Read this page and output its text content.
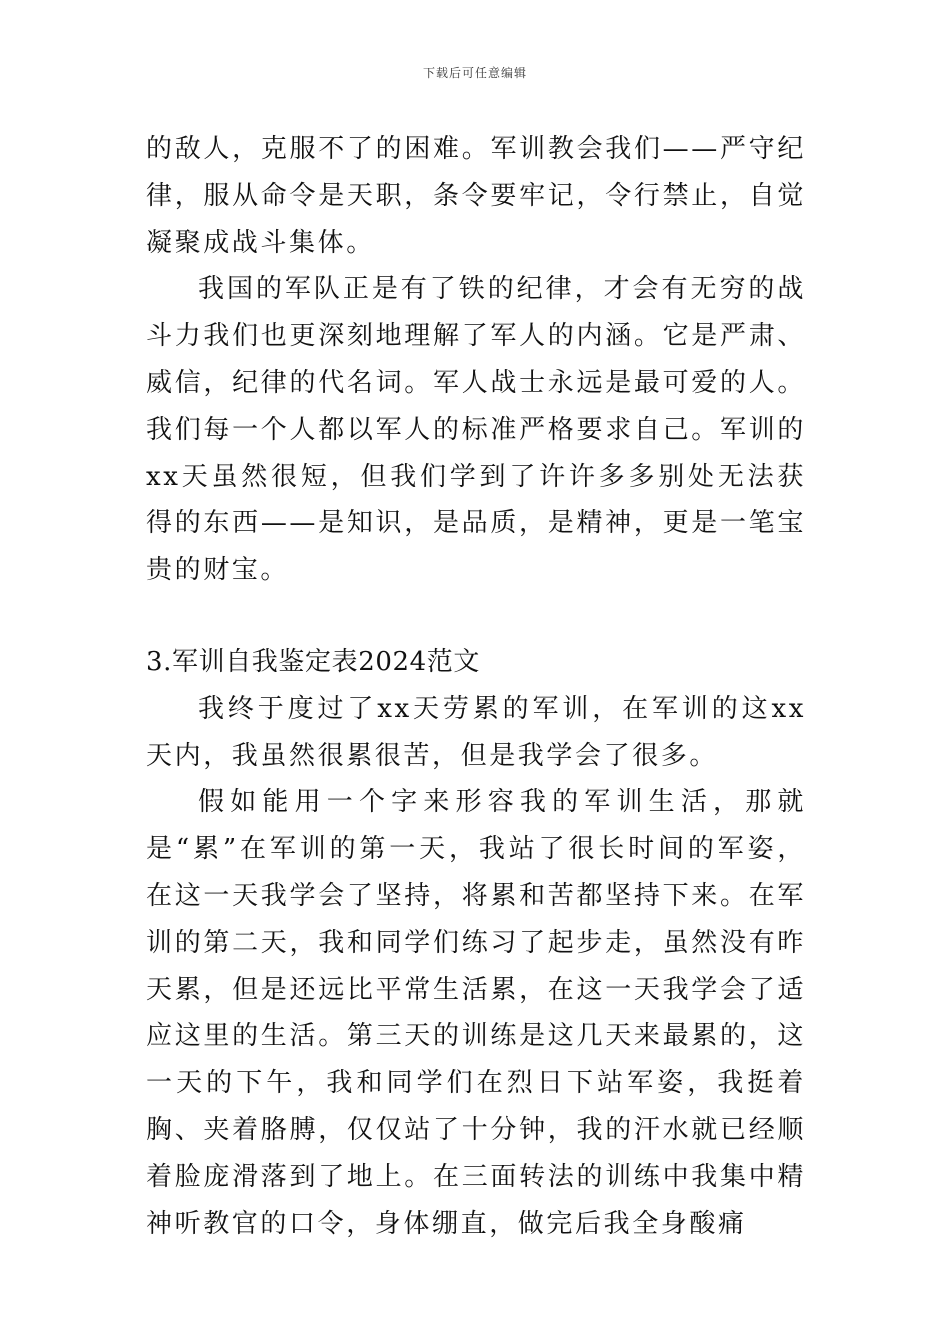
下载后可任意编辑

的敌人，克服不了的困难。军训教会我们——严守纪律，服从命令是天职，条令要牢记，令行禁止，自觉凝聚成战斗集体。

我国的军队正是有了铁的纪律，才会有无穷的战斗力我们也更深刻地理解了军人的内涵。它是严肃、威信，纪律的代名词。军人战士永远是最可爱的人。我们每一个人都以军人的标准严格要求自己。军训的xx天虽然很短，但我们学到了许许多多别处无法获得的东西——是知识，是品质，是精神，更是一笔宝贵的财宝。

3.军训自我鉴定表2024范文

我终于度过了xx天劳累的军训，在军训的这xx天内，我虽然很累很苦，但是我学会了很多。

假如能用一个字来形容我的军训生活，那就是“累”在军训的第一天，我站了很长时间的军姿，在这一天我学会了坚持，将累和苦都坚持下来。在军训的第二天，我和同学们练习了起步走，虽然没有昨天累，但是还远比平常生活累，在这一天我学会了适应这里的生活。第三天的训练是这几天来最累的，这一天的下午，我和同学们在烈日下站军姿，我挺着胸、夹着胳膊，仅仅站了十分钟，我的汗水就已经顺着脸庞滑落到了地上。在三面转法的训练中我集中精神听教官的口令，身体绷直，做完后我全身酸痛
